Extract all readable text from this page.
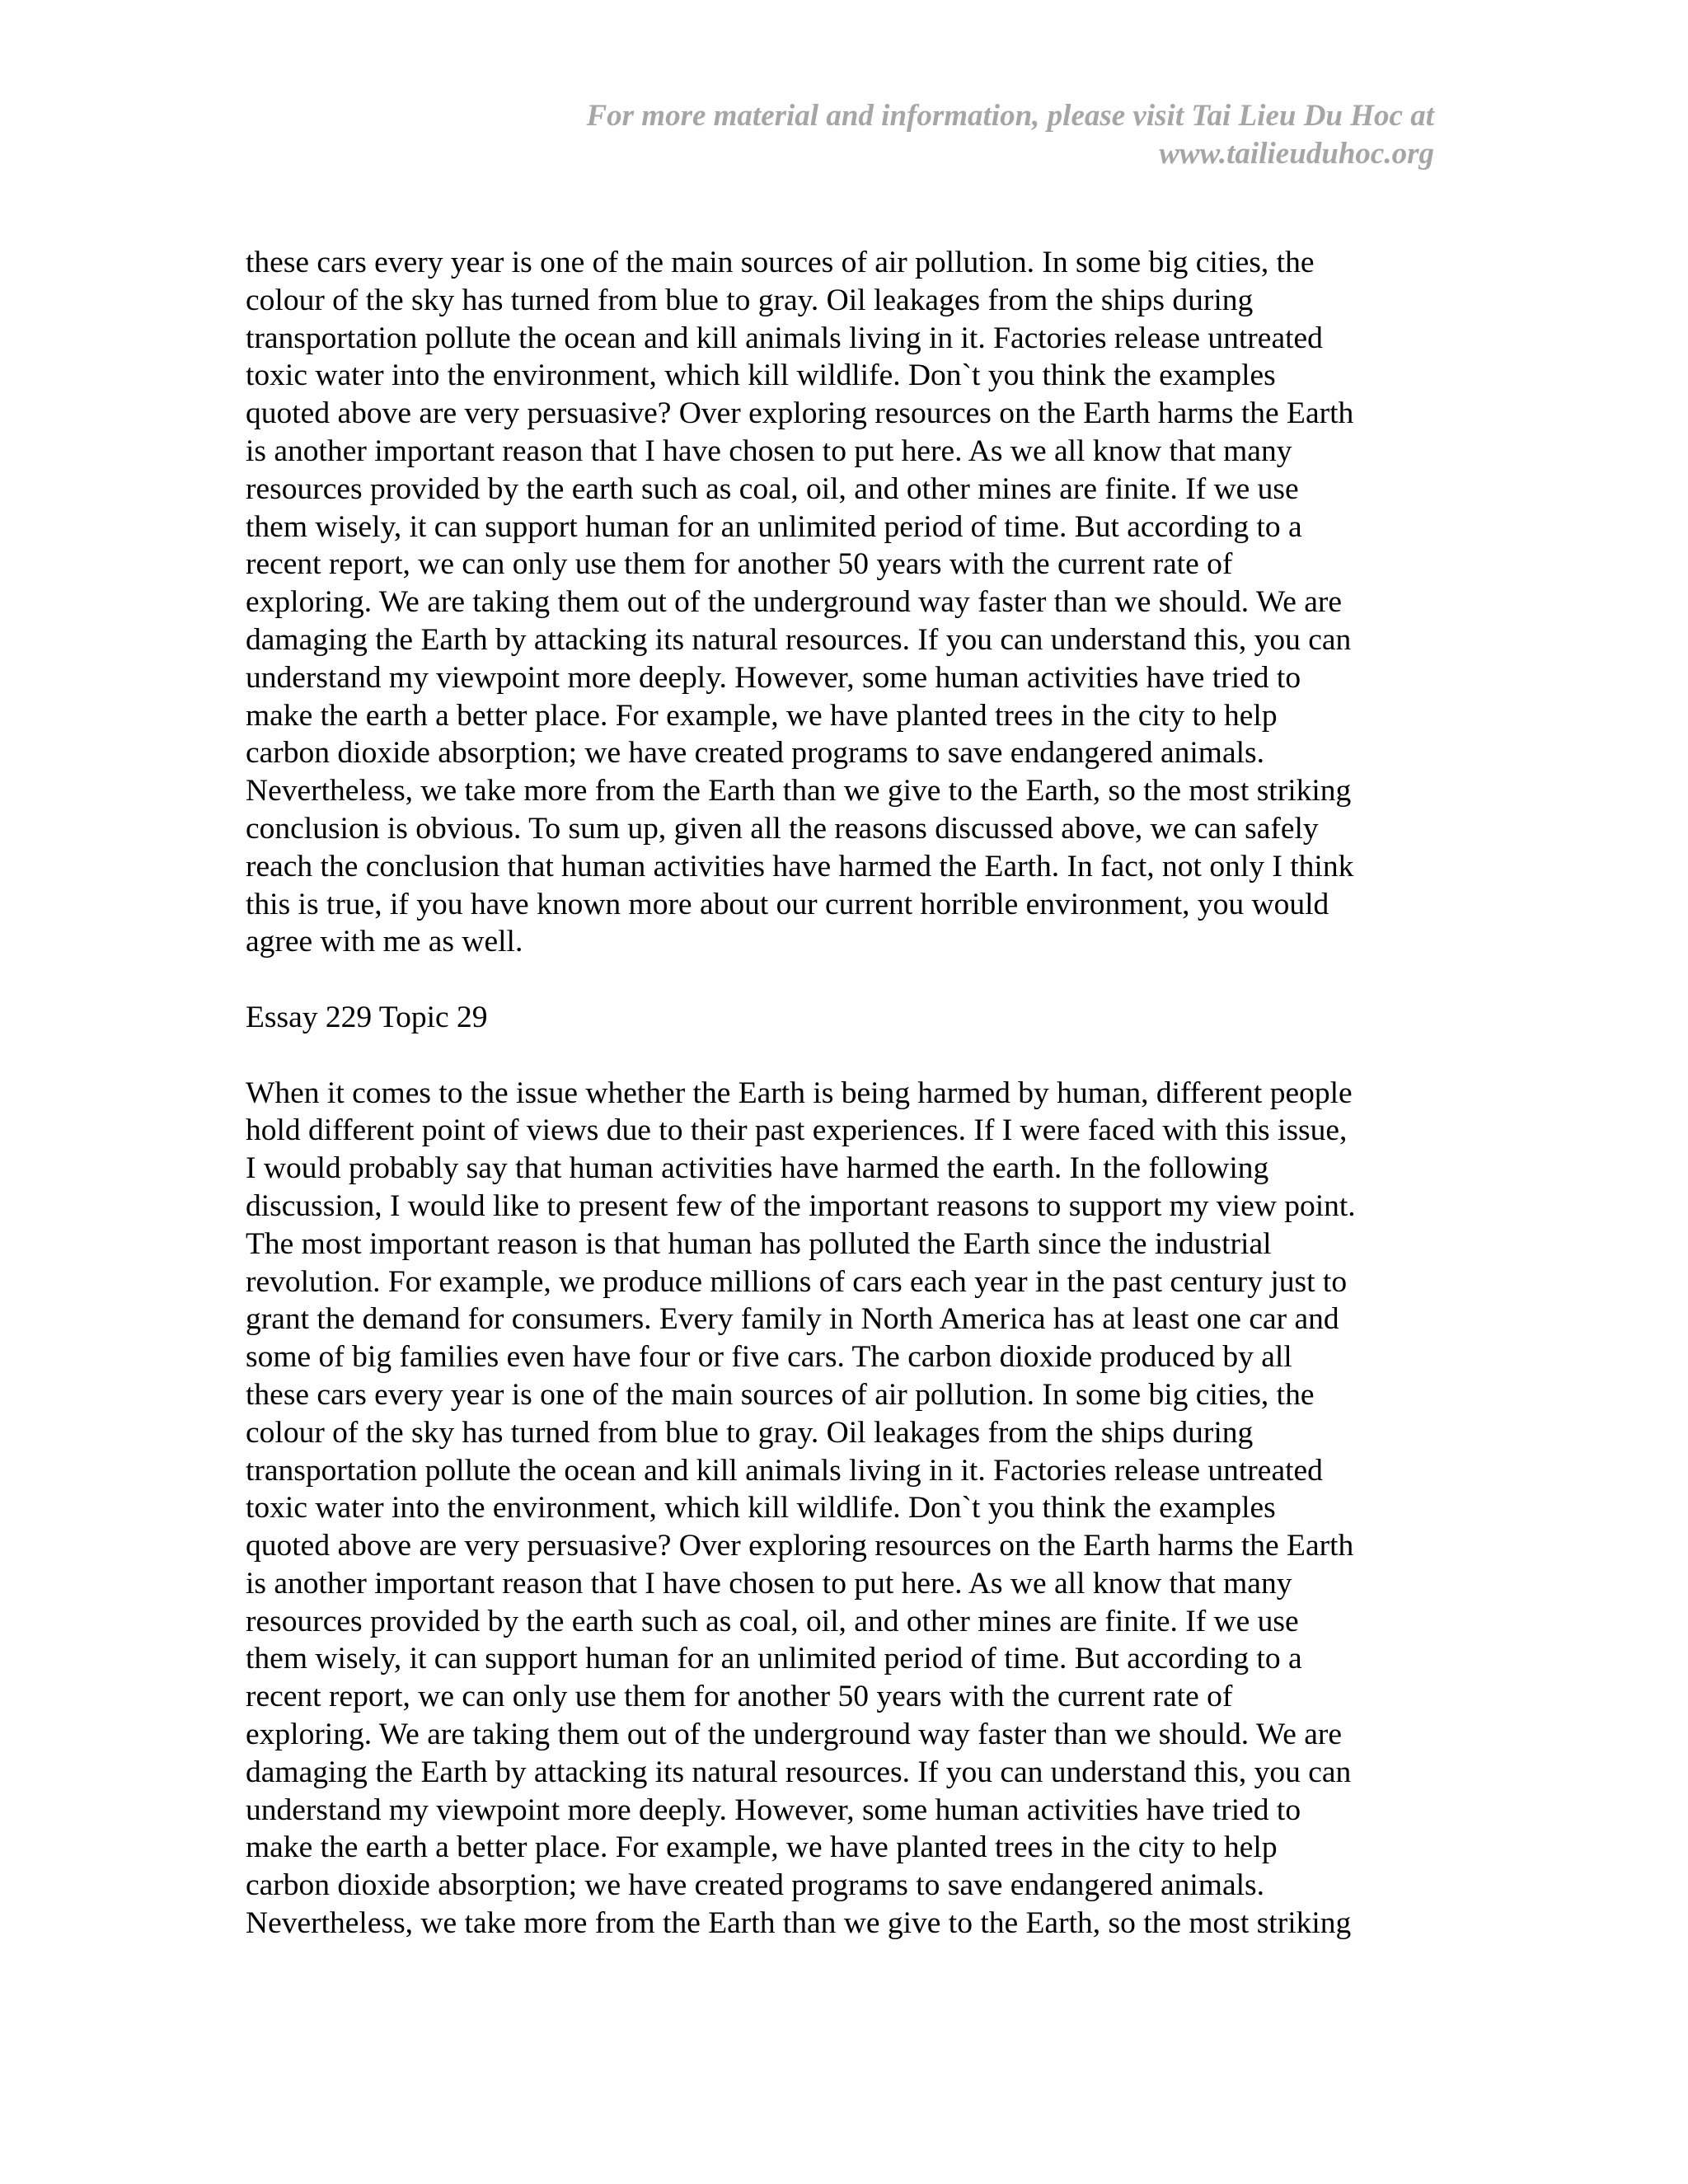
For more material and information, please visit Tai Lieu Du Hoc at
www.tailieuduhoc.org
these cars every year is one of the main sources of air pollution. In some big cities, the
colour of the sky has turned from blue to gray. Oil leakages from the ships during
transportation pollute the ocean and kill animals living in it. Factories release untreated
toxic water into the environment, which kill wildlife. Don`t you think the examples
quoted above are very persuasive? Over exploring resources on the Earth harms the Earth
is another important reason that I have chosen to put here. As we all know that many
resources provided by the earth such as coal, oil, and other mines are finite. If we use
them wisely, it can support human for an unlimited period of time. But according to a
recent report, we can only use them for another 50 years with the current rate of
exploring. We are taking them out of the underground way faster than we should. We are
damaging the Earth by attacking its natural resources. If you can understand this, you can
understand my viewpoint more deeply. However, some human activities have tried to
make the earth a better place. For example, we have planted trees in the city to help
carbon dioxide absorption; we have created programs to save endangered animals.
Nevertheless, we take more from the Earth than we give to the Earth, so the most striking
conclusion is obvious. To sum up, given all the reasons discussed above, we can safely
reach the conclusion that human activities have harmed the Earth. In fact, not only I think
this is true, if you have known more about our current horrible environment, you would
agree with me as well.
Essay 229 Topic 29
When it comes to the issue whether the Earth is being harmed by human, different people
hold different point of views due to their past experiences. If I were faced with this issue,
I would probably say that human activities have harmed the earth. In the following
discussion, I would like to present few of the important reasons to support my view point.
The most important reason is that human has polluted the Earth since the industrial
revolution. For example, we produce millions of cars each year in the past century just to
grant the demand for consumers. Every family in North America has at least one car and
some of big families even have four or five cars. The carbon dioxide produced by all
these cars every year is one of the main sources of air pollution. In some big cities, the
colour of the sky has turned from blue to gray. Oil leakages from the ships during
transportation pollute the ocean and kill animals living in it. Factories release untreated
toxic water into the environment, which kill wildlife. Don`t you think the examples
quoted above are very persuasive? Over exploring resources on the Earth harms the Earth
is another important reason that I have chosen to put here. As we all know that many
resources provided by the earth such as coal, oil, and other mines are finite. If we use
them wisely, it can support human for an unlimited period of time. But according to a
recent report, we can only use them for another 50 years with the current rate of
exploring. We are taking them out of the underground way faster than we should. We are
damaging the Earth by attacking its natural resources. If you can understand this, you can
understand my viewpoint more deeply. However, some human activities have tried to
make the earth a better place. For example, we have planted trees in the city to help
carbon dioxide absorption; we have created programs to save endangered animals.
Nevertheless, we take more from the Earth than we give to the Earth, so the most striking
